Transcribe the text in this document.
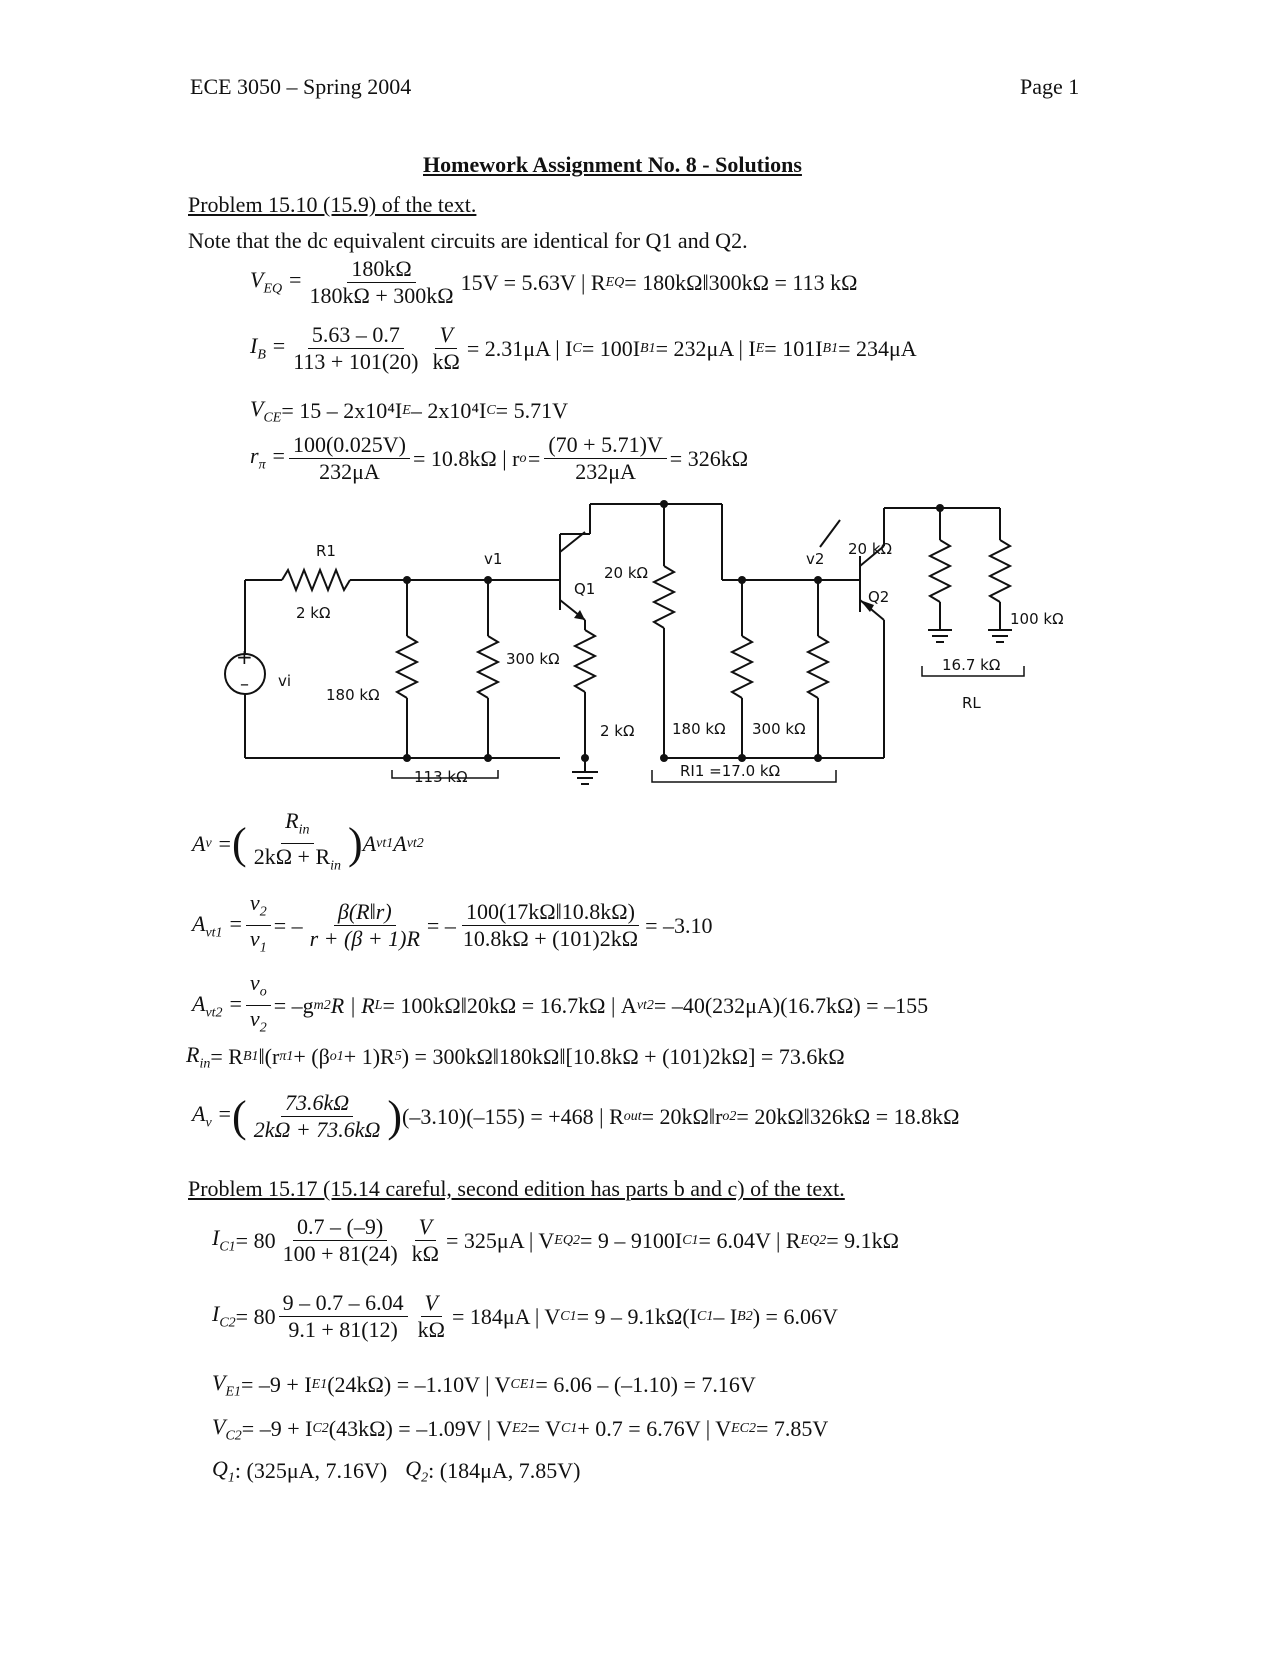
ECE 3050 – Spring 2004	Page 1
Homework Assignment No. 8 - Solutions
Problem 15.10 (15.9) of the text.
Note that the dc equivalent circuits are identical for Q1 and Q2.
$V_{EQ} = \frac{180k\Omega}{180k\Omega + 300k\Omega} 15V = 5.63V$ | R EQ = 180kΩ‖300kΩ = 113 kΩ
$I_B = \frac{5.63 - 0.7}{113 + 101(20)} \frac{V}{k\Omega} = 2.31\mu A$ | I C = 100I B1 = 232μA | I E = 101I B1 = 234μA
$V_{CE} = 15 - 2x10^4I$ E – 2x10⁴I C = 5.71V
$r_\pi = \frac{100(0.025V)}{232\mu A} = 10.8k\Omega$ | r $o = \frac{(70 + 5.71)V}{232\mu A} = 326k\Omega$
+
–
R1
2 kΩ
vi
180 kΩ
113 kΩ
v1
300 kΩ
Q1
20 kΩ
2 kΩ	180 kΩ 300 kΩ
RI1 =17.0 kΩ
v2
Q2
20 kΩ
100 kΩ
16.7 kΩ
RL
A v = ( $\frac{R_{in}}{2k\Omega + R_{in}}$ ) A vt1 A vt2
$A_{vt1} = \frac{v_2}{v_1}$ = – $\frac{\beta(R‖r)}{r + (\beta + 1)R}$ = – $\frac{100(17k\Omega‖10.8k\Omega)}{10.8k\Omega + (101)2k\Omega} = -3.10$
$A_{vt2} = \frac{v_o}{v_2} = -g$ m2 R | R L = 100kΩ‖20kΩ = 16.7kΩ | A vt2 = –40(232μA)(16.7kΩ) = –155
$R_{in} = R$ B1 ‖(r π1 + (β o1 + 1)R 5 ) = 300kΩ‖180kΩ‖[10.8kΩ + (101)2kΩ] = 73.6kΩ
$A_v$ = ( $\frac{73.6k\Omega}{2k\Omega + 73.6k\Omega}$ ) (–3.10)(–155) = +468 | R out = 20kΩ‖r o2 = 20kΩ‖326kΩ = 18.8kΩ
Problem 15.17 (15.14 careful, second edition has parts b and c) of the text.
$I_{C1} = 80 \frac{0.7 - (-9)}{100 + 81(24)} \frac{V}{k\Omega} = 325\mu A$ | V EQ2 = 9 – 9100I C1 = 6.04V | R EQ2 = 9.1kΩ
$I_{C2} = 80 \frac{9 - 0.7 - 6.04}{9.1 + 81(12)} \frac{V}{k\Omega} = 184\mu A$ | V C1 = 9 – 9.1kΩ(I C1 – I B2 ) = 6.06V
$V_{E1} = -9 + I$ E1 (24kΩ) = –1.10V | V CE1 = 6.06 – (–1.10) = 7.16V
$V_{C2} = -9 + I$ C2 (43kΩ) = –1.09V | V E2 = V C1 + 0.7 = 6.76V | V EC2 = 7.85V
$Q_1$ : (325μA, 7.16V) $Q_2$ : (184μA, 7.85V)
